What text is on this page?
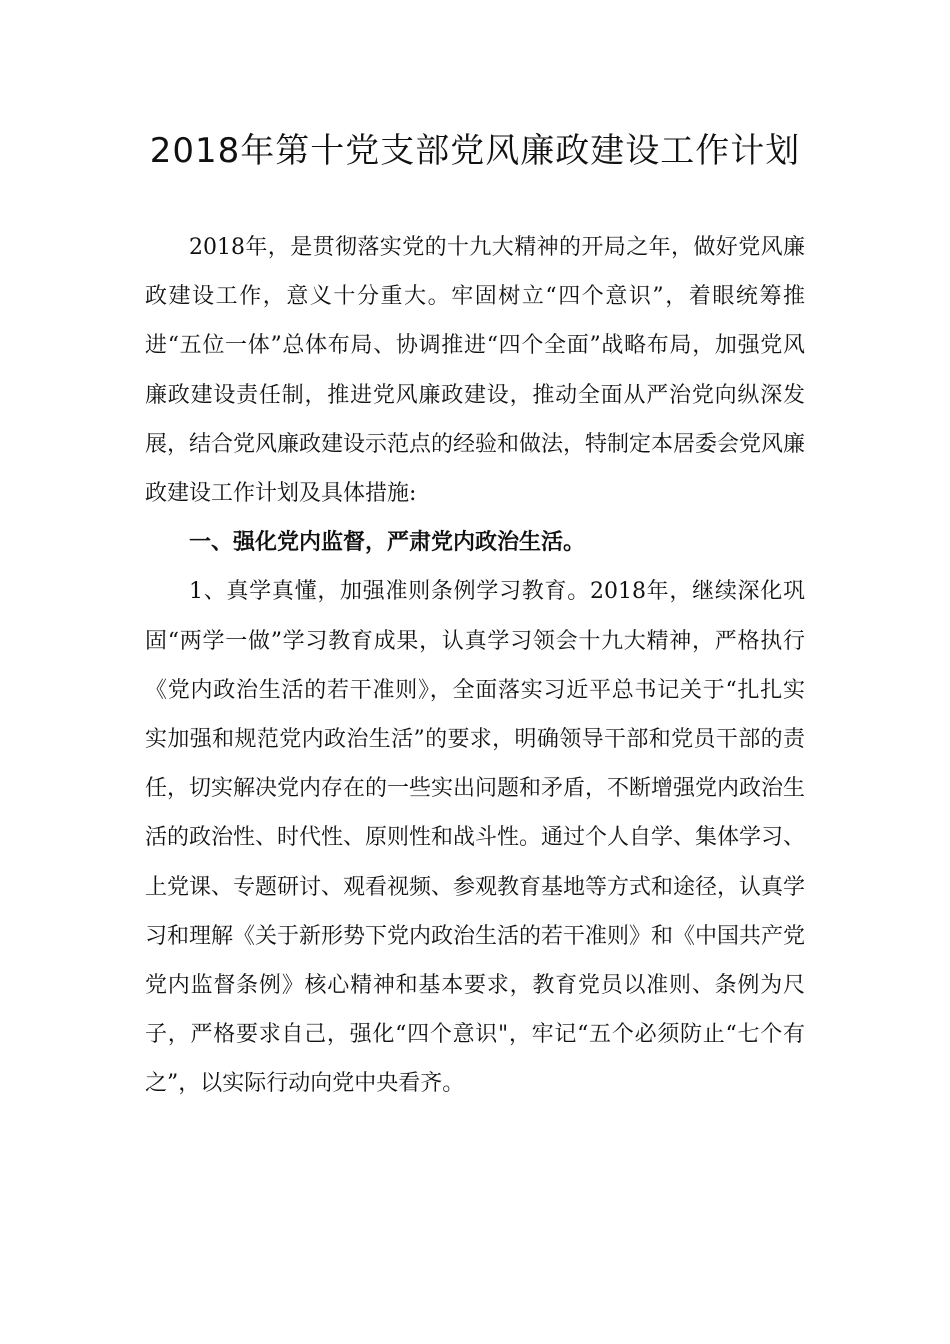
2018年第十党支部党风廉政建设工作计划

2018年，是贯彻落实党的十九大精神的开局之年，做好党风廉政建设工作，意义十分重大。牢固树立“四个意识”，着眼统筹推进“五位一体”总体布局、协调推进“四个全面”战略布局，加强党风廉政建设责任制，推进党风廉政建设，推动全面从严治党向纵深发展，结合党风廉政建设示范点的经验和做法，特制定本居委会党风廉政建设工作计划及具体措施:

一、强化党内监督，严肃党内政治生活。

1、真学真懂，加强准则条例学习教育。2018年，继续深化巩固“两学一做”学习教育成果，认真学习领会十九大精神，严格执行《党内政治生活的若干准则》，全面落实习近平总书记关于“扎扎实实加强和规范党内政治生活”的要求，明确领导干部和党员干部的责任，切实解决党内存在的一些实出问题和矛盾，不断增强党内政治生活的政治性、时代性、原则性和战斗性。通过个人自学、集体学习、上党课、专题研讨、观看视频、参观教育基地等方式和途径，认真学习和理解《关于新形势下党内政治生活的若干准则》和《中国共产党党内监督条例》核心精神和基本要求，教育党员以准则、条例为尺子，严格要求自己，强化“四个意识"，牢记“五个必须防止“七个有之”，以实际行动向党中央看齐。
